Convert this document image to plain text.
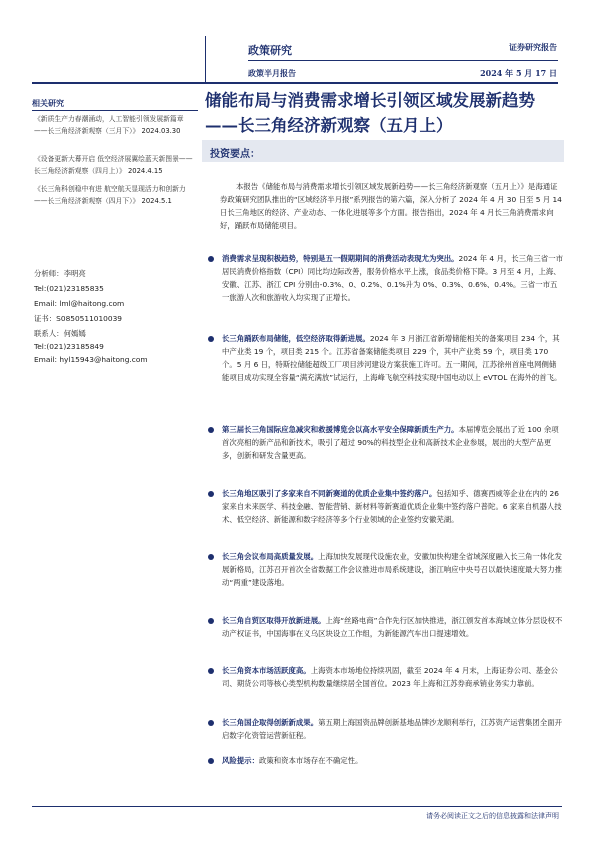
政策研究
政策半月报告
证券研究报告
2024 年 5 月 17 日
储能布局与消费需求增长引领区域发展新趋势——长三角经济新观察（五月上）
投资要点：
本报告《储能布局与消费需求增长引领区域发展新趋势——长三角经济新观察（五月上）》是海通证券政策研究团队推出的“区域经济半月报”系列报告的第六篇，深入分析了 2024 年 4 月 30 日至 5 月 14 日长三角地区的经济、产业动态、一体化进展等多个方面。报告指出，2024 年 4 月长三角消费需求向好，踊跃布局储能项目。
消费需求呈现积极趋势，特别是五一假期期间的消费活动表现尤为突出。2024 年 4 月，长三角三省一市居民消费价格指数（CPI）同比均边际改善，服务价格水平上涨，食品类价格下降。3 月至 4 月，上海、安徽、江苏、浙江 CPI 分别由-0.3%、0、0.2%、0.1%升为 0%、0.3%、0.6%、0.4%。三省一市五一旅游人次和旅游收入均实现了正增长。
长三角踊跃布局储能，低空经济取得新进展。2024 年 3 月浙江省新增储能相关的备案项目 234 个，其中产业类 19 个，项目类 215 个。江苏省备案储能类项目 229 个，其中产业类 59 个，项目类 170 个。5 月 6 日，特斯拉储能超级工厂项目涉河建设方案获施工许可。五一期间，江苏徐州首座电网侧储能项目成功实现全容量“满充满放”试运行，上海峰飞航空科技实现中国电动以上 eVTOL 在海外的首飞。
第三届长三角国际应急减灾和救援博览会以高水平安全保障新质生产力。本届博览会展出了近 100 余项首次亮相的新产品和新技术，吸引了超过 90%的科技型企业和高新技术企业参展，展出的大型产品更多，创新和研发含量更高。
长三角地区吸引了多家来自不同新赛道的优质企业集中签约落户。包括知乎、德赛西威等企业在内的 26 家来自未来医学、科技金融、智能营销、新材料等新赛道优质企业集中签约落户普陀。6 家来自机器人技术、低空经济、新能源和数字经济等多个行业领域的企业签约安徽芜湖。
长三角会议布局高质量发展。上海加快发展现代设施农业，安徽加快构建全省域深度融入长三角一体化发展新格局，江苏召开首次全省数据工作会议推进市局系统建设，浙江响应中央号召以最快速度最大努力推动“两重”建设落地。
长三角自贸区取得开放新进展。上海“丝路电商”合作先行区加快推进，浙江颁发首本海域立体分层设权不动产权证书，中国海事在义乌区块设立工作组，为新能源汽车出口提速增效。
长三角资本市场活跃度高。上海资本市场地位持续巩固，截至 2024 年 4 月末，上海证券公司、基金公司、期货公司等核心类型机构数量继续居全国首位。2023 年上海和江苏券商承销业务实力靠前。
长三角国企取得创新新成果。第五期上海国资品牌创新基地品牌沙龙顺利举行，江苏资产运营集团全面开启数字化资管运营新征程。
风险提示：政策和资本市场存在不确定性。
相关研究
《新质生产力春潮涌动，人工智能引领发展新篇章——长三角经济新观察（三月下）》 2024.03.30
《设备更新大幕开启 低空经济展翼绘蓝天新图景——长三角经济新观察（四月上）》 2024.4.15
《长三角科创稳中有进 航空航天显现活力和创新力——长三角经济新观察（四月下）》 2024.5.1
分析师：李明亮
Tel:(021)23185835
Email: lml@haitong.com
证书：S0850511010039
联系人：何嫣嫣
Tel:(021)23185849
Email: hyl15943@haitong.com
请务必阅读正文之后的信息披露和法律声明
